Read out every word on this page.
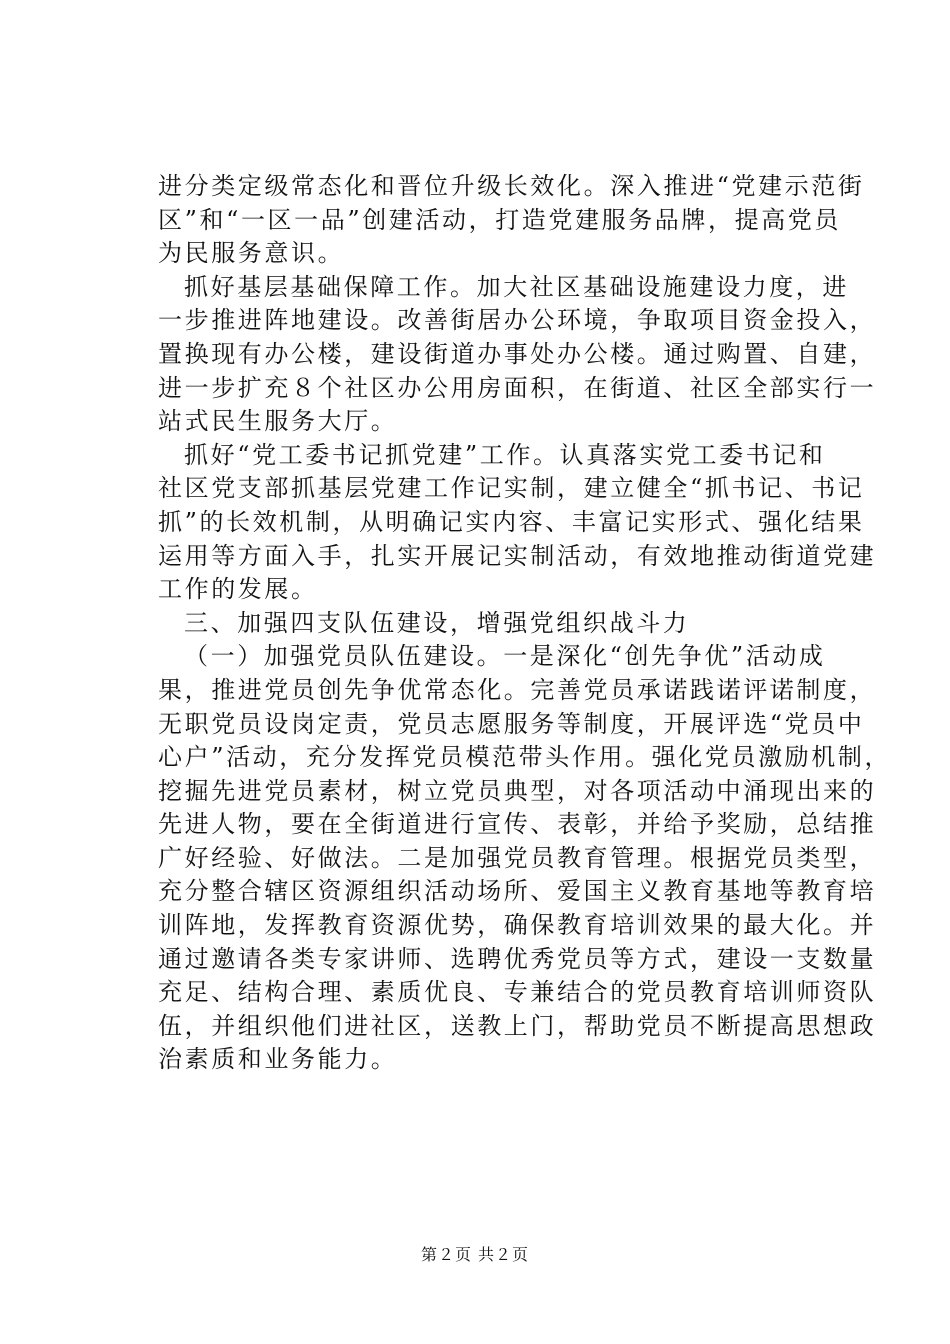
进分类定级常态化和晋位升级长效化。深入推进“党建示范街
区”和“一区一品”创建活动，打造党建服务品牌，提高党员
为民服务意识。
抓好基层基础保障工作。加大社区基础设施建设力度，进
一步推进阵地建设。改善街居办公环境，争取项目资金投入，
置换现有办公楼，建设街道办事处办公楼。通过购置、自建，
进一步扩充８个社区办公用房面积，在街道、社区全部实行一
站式民生服务大厅。
抓好“党工委书记抓党建”工作。认真落实党工委书记和
社区党支部抓基层党建工作记实制，建立健全“抓书记、书记
抓”的长效机制，从明确记实内容、丰富记实形式、强化结果
运用等方面入手，扎实开展记实制活动，有效地推动街道党建
工作的发展。
三、加强四支队伍建设，增强党组织战斗力
（一）加强党员队伍建设。一是深化“创先争优”活动成
果，推进党员创先争优常态化。完善党员承诺践诺评诺制度，
无职党员设岗定责，党员志愿服务等制度，开展评选“党员中
心户”活动，充分发挥党员模范带头作用。强化党员激励机制，
挖掘先进党员素材，树立党员典型，对各项活动中涌现出来的
先进人物，要在全街道进行宣传、表彰，并给予奖励，总结推
广好经验、好做法。二是加强党员教育管理。根据党员类型，
充分整合辖区资源组织活动场所、爱国主义教育基地等教育培
训阵地，发挥教育资源优势，确保教育培训效果的最大化。并
通过邀请各类专家讲师、选聘优秀党员等方式，建设一支数量
充足、结构合理、素质优良、专兼结合的党员教育培训师资队
伍，并组织他们进社区，送教上门，帮助党员不断提高思想政
治素质和业务能力。
第２页 共２页
